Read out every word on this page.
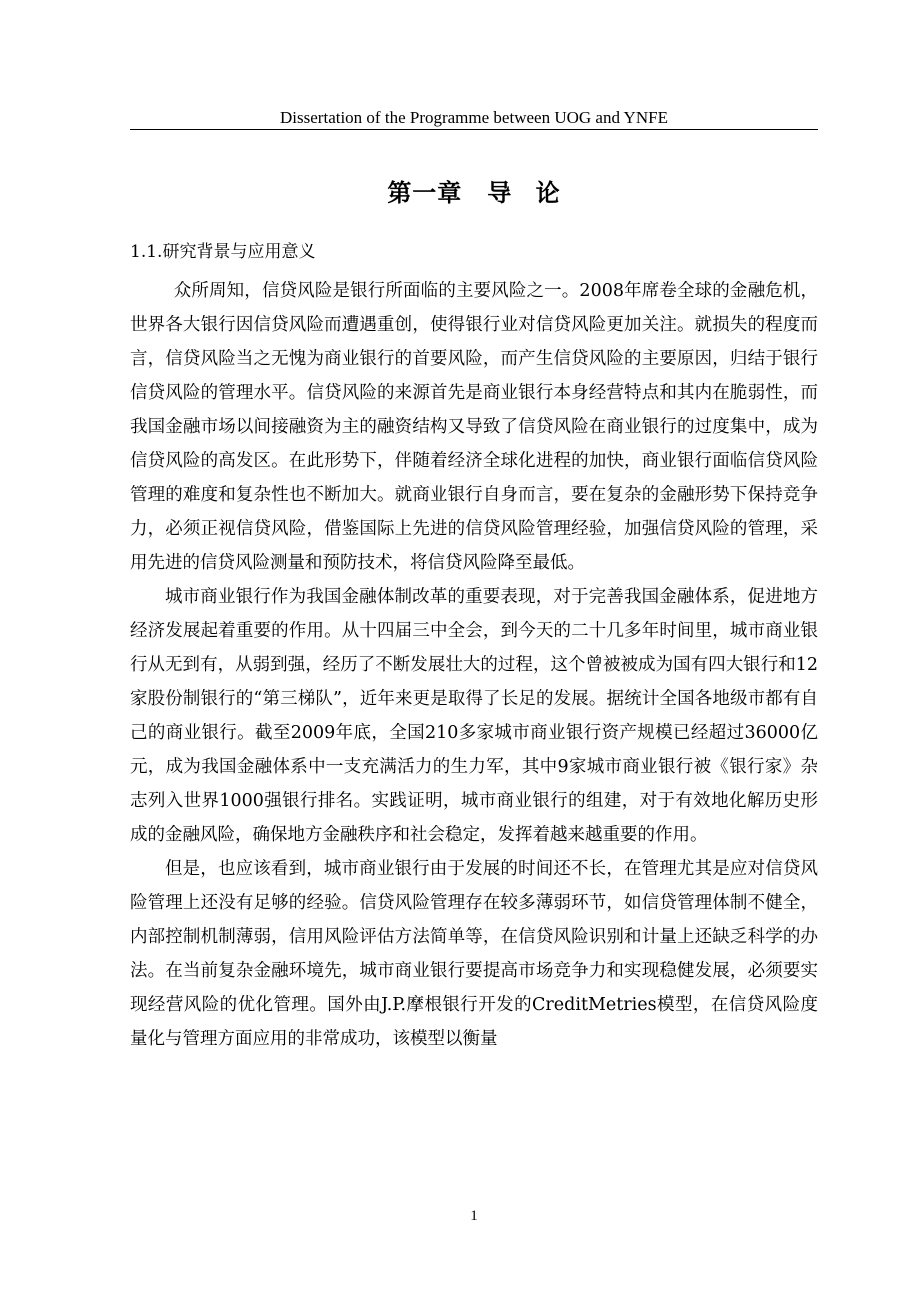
Dissertation of the Programme between UOG and YNFE
第一章　导 论
1.1.研究背景与应用意义

众所周知，信贷风险是银行所面临的主要风险之一。2008年席卷全球的金融危机，世界各大银行因信贷风险而遭遇重创，使得银行业对信贷风险更加关注。就损失的程度而言，信贷风险当之无愧为商业银行的首要风险，而产生信贷风险的主要原因，归结于银行信贷风险的管理水平。信贷风险的来源首先是商业银行本身经营特点和其内在脆弱性，而我国金融市场以间接融资为主的融资结构又导致了信贷风险在商业银行的过度集中，成为信贷风险的高发区。在此形势下，伴随着经济全球化进程的加快，商业银行面临信贷风险管理的难度和复杂性也不断加大。就商业银行自身而言，要在复杂的金融形势下保持竞争力，必须正视信贷风险，借鉴国际上先进的信贷风险管理经验，加强信贷风险的管理，采用先进的信贷风险测量和预防技术，将信贷风险降至最低。

城市商业银行作为我国金融体制改革的重要表现，对于完善我国金融体系，促进地方经济发展起着重要的作用。从十四届三中全会，到今天的二十几多年时间里，城市商业银行从无到有，从弱到强，经历了不断发展壮大的过程，这个曾被被成为国有四大银行和12家股份制银行的“第三梯队”，近年来更是取得了长足的发展。据统计全国各地级市都有自己的商业银行。截至2009年底，全国210多家城市商业银行资产规模已经超过36000亿元，成为我国金融体系中一支充满活力的生力军，其中9家城市商业银行被《银行家》杂志列入世界1000强银行排名。实践证明，城市商业银行的组建，对于有效地化解历史形成的金融风险，确保地方金融秩序和社会稳定，发挥着越来越重要的作用。

但是，也应该看到，城市商业银行由于发展的时间还不长，在管理尤其是应对信贷风险管理上还没有足够的经验。信贷风险管理存在较多薄弱环节，如信贷管理体制不健全，内部控制机制薄弱，信用风险评估方法简单等，在信贷风险识别和计量上还缺乏科学的办法。在当前复杂金融环境先，城市商业银行要提高市场竞争力和实现稳健发展，必须要实现经营风险的优化管理。国外由J.P.摩根银行开发的CreditMetries模型，在信贷风险度量化与管理方面应用的非常成功，该模型以衡量

1
